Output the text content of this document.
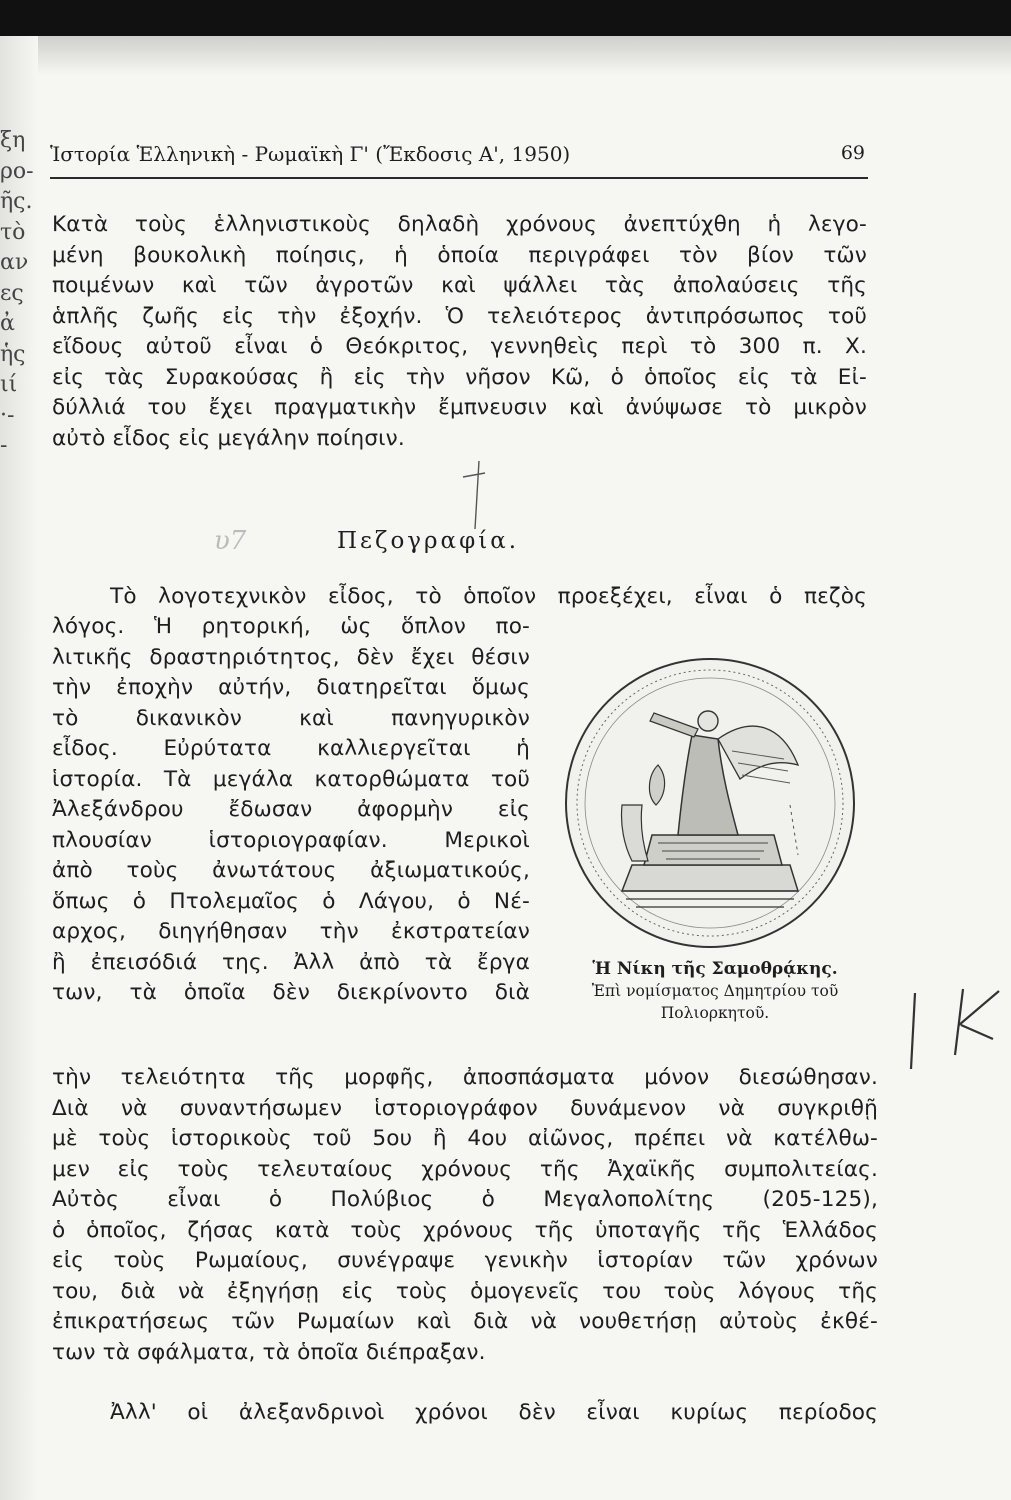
ξη
ρο-
ῆς.
τὸ
αν
ες
ἀ
ἡς
ιί
·-
-
Ἱστορία Ἑλληνικὴ - Ρωμαϊκὴ Γ' (Ἔκδοσις Α', 1950)	69
Κατὰ τοὺς ἑλληνιστικοὺς δηλαδὴ χρόνους ἀνεπτύχθη ἡ λεγο-
μένη βουκολικὴ ποίησις, ἡ ὁποία περιγράφει τὸν βίον τῶν
ποιμένων καὶ τῶν ἀγροτῶν καὶ ψάλλει τὰς ἀπολαύσεις τῆς
ἁπλῆς ζωῆς εἰς τὴν ἐξοχήν. Ὁ τελειότερος ἀντιπρόσωπος τοῦ
εἴδους αὐτοῦ εἶναι ὁ Θεόκριτος, γεννηθεὶς περὶ τὸ 300 π. Χ.
εἰς τὰς Συρακούσας ἢ εἰς τὴν νῆσον Κῶ, ὁ ὁποῖος εἰς τὰ Εἰ-
δύλλιά του ἔχει πραγματικὴν ἔμπνευσιν καὶ ἀνύψωσε τὸ μικρὸν
αὐτὸ εἶδος εἰς μεγάλην ποίησιν.
υ7	Πεζογραφία.
Τὸ λογοτεχνικὸν εἶδος, τὸ ὁποῖον προεξέχει, εἶναι ὁ πεζὸς
λόγος. Ἡ ρητορική, ὡς ὅπλον πο-
λιτικῆς δραστηριότητος, δὲν ἔχει θέσιν
τὴν ἐποχὴν αὐτήν, διατηρεῖται ὅμως
τὸ δικανικὸν καὶ πανηγυρικὸν
εἶδος. Εὐρύτατα καλλιεργεῖται ἡ
ἱστορία. Τὰ μεγάλα κατορθώματα τοῦ
Ἀλεξάνδρου ἔδωσαν ἀφορμὴν εἰς
πλουσίαν ἱστοριογραφίαν. Μερικοὶ
ἀπὸ τοὺς ἀνωτάτους ἀξιωματικούς,
ὅπως ὁ Πτολεμαῖος ὁ Λάγου, ὁ Νέ-
αρχος, διηγήθησαν τὴν ἐκστρατείαν
ἢ ἐπεισόδιά της. Ἀλλ ἀπὸ τὰ ἔργα
των, τὰ ὁποῖα δὲν διεκρίνοντο διὰ
τὴν τελειότητα τῆς μορφῆς, ἀποσπάσματα μόνον διεσώθησαν.
Διὰ νὰ συναντήσωμεν ἱστοριογράφον δυνάμενον νὰ συγκριθῇ
μὲ τοὺς ἱστορικοὺς τοῦ 5ου ἢ 4ου αἰῶνος, πρέπει νὰ κατέλθω-
μεν εἰς τοὺς τελευταίους χρόνους τῆς Ἀχαϊκῆς συμπολιτείας.
Αὐτὸς εἶναι ὁ Πολύβιος ὁ Μεγαλοπολίτης (205-125),
ὁ ὁποῖος, ζήσας κατὰ τοὺς χρόνους τῆς ὑποταγῆς τῆς Ἑλλάδος
εἰς τοὺς Ρωμαίους, συνέγραψε γενικὴν ἱστορίαν τῶν χρόνων
του, διὰ νὰ ἐξηγήσῃ εἰς τοὺς ὁμογενεῖς του τοὺς λόγους τῆς
ἐπικρατήσεως τῶν Ρωμαίων καὶ διὰ νὰ νουθετήσῃ αὐτοὺς ἐκθέ-
των τὰ σφάλματα, τὰ ὁποῖα διέπραξαν.
Ἀλλ' οἱ ἀλεξανδρινοὶ χρόνοι δὲν εἶναι κυρίως περίοδος
Ἡ Νίκη τῆς Σαμοθρᾴκης.
Ἐπὶ νομίσματος Δημητρίου τοῦ
Πολιορκητοῦ.
